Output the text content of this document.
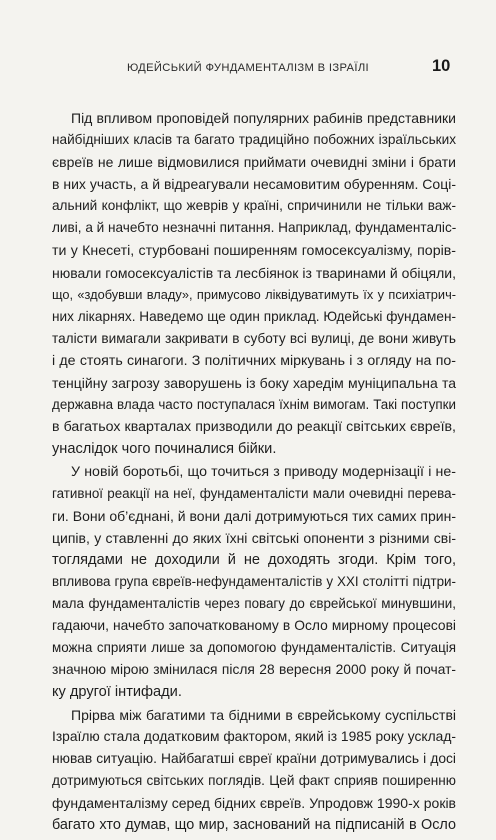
ЮДЕЙСЬКИЙ ФУНДАМЕНТАЛІЗМ В ІЗРАЇЛІ	10
Під впливом проповідей популярних рабинів представники
найбідніших класів та багато традиційно побожних ізраїльських
євреїв не лише відмовилися приймати очевидні зміни і брати
в них участь, а й відреагували несамовитим обуренням. Соці-
альний конфлікт, що жеврів у країні, спричинили не тільки важ-
ливі, а й начебто незначні питання. Наприклад, фундаменталіс-
ти у Кнесеті, стурбовані поширенням гомосексуалізму, порів-
нювали гомосексуалістів та лесбіянок із тваринами й обіцяли,
що, «здобувши владу», примусово ліквідуватимуть їх у психіатрич-
них лікарнях. Наведемо ще один приклад. Юдейські фундамен-
талісти вимагали закривати в суботу всі вулиці, де вони живуть
і де стоять синагоги. З політичних міркувань і з огляду на по-
тенційну загрозу заворушень із боку харедім муніципальна та
державна влада часто поступалася їхнім вимогам. Такі поступки
в багатьох кварталах призводили до реакції світських євреїв,
унаслідок чого починалися бійки.
У новій боротьбі, що точиться з приводу модернізації і не-
гативної реакції на неї, фундаменталісти мали очевидні перева-
ги. Вони об’єднані, й вони далі дотримуються тих самих прин-
ципів, у ставленні до яких їхні світські опоненти з різними сві-
тоглядами не доходили й не доходять згоди. Крім того,
впливова група євреїв-нефундаменталістів у XXI столітті підтри-
мала фундаменталістів через повагу до єврейської минувшини,
гадаючи, начебто започаткованому в Осло мирному процесові
можна сприяти лише за допомогою фундаменталістів. Ситуація
значною мірою змінилася після 28 вересня 2000 року й почат-
ку другої інтифади.
Прірва між багатими та бідними в єврейському суспільстві
Ізраїлю стала додатковим фактором, який із 1985 року усклад-
нював ситуацію. Найбагатші євреї країни дотримувались і досі
дотримуються світських поглядів. Цей факт сприяв поширенню
фундаменталізму серед бідних євреїв. Упродовж 1990-х років
багато хто думав, що мир, заснований на підписаній в Осло
